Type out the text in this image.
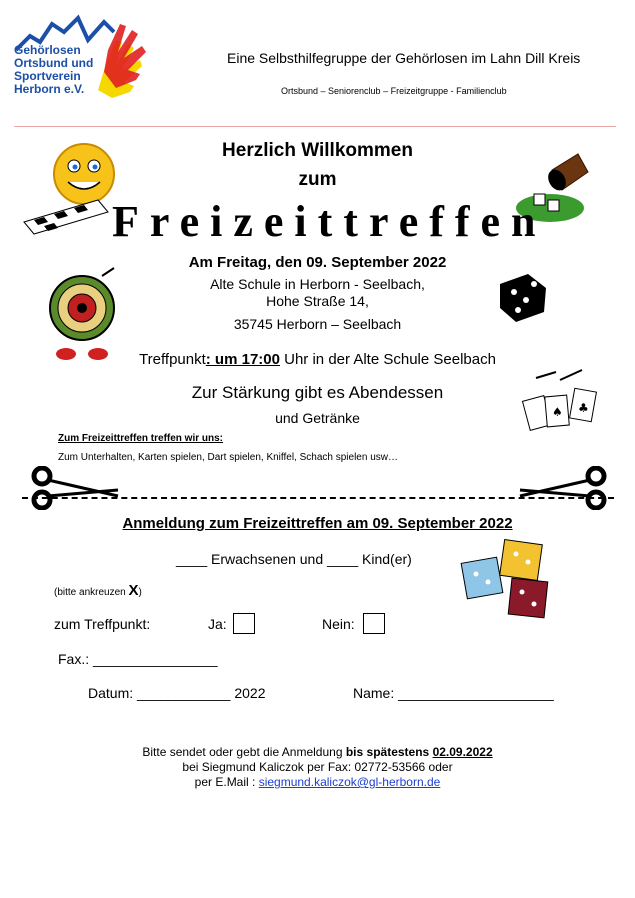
Gehörlosen
Ortsbund und
Sportverein
Herborn e.V.
Eine Selbsthilfegruppe der Gehörlosen im Lahn Dill Kreis
Ortsbund – Seniorenclub – Freizeitgruppe - Familienclub
♠ ♣
Herzlich Willkommen
zum
Freizeittreffen
Am Freitag, den 09. September 2022
Alte Schule in Herborn - Seelbach,
Hohe Straße 14,
35745 Herborn – Seelbach
Treffpunkt: um 17:00 Uhr in der Alte Schule Seelbach
Zur Stärkung gibt es Abendessen
und Getränke
Zum Freizeittreffen treffen wir uns:
Zum Unterhalten, Karten spielen, Dart spielen, Kniffel, Schach spielen usw…
Anmeldung zum Freizeittreffen am 09. September 2022
____ Erwachsenen und ____ Kind(er)
(bitte ankreuzen X)
zum Treffpunkt:	Ja:	Nein:
Fax.: ________________
Datum: ____________ 2022	Name: ____________________
Bitte sendet oder gebt die Anmeldung bis spätestens 02.09.2022
bei Siegmund Kaliczok per Fax: 02772-53566 oder
per E.Mail : siegmund.kaliczok@gl-herborn.de
